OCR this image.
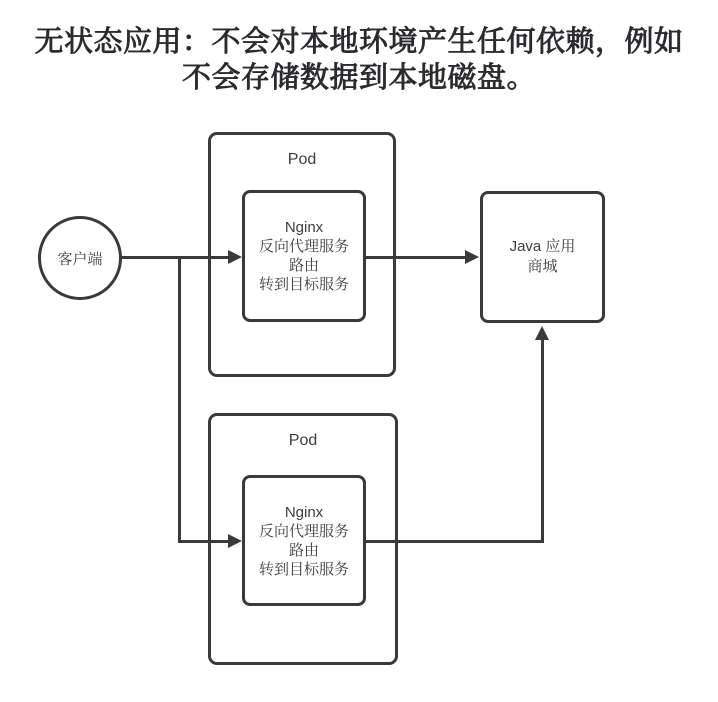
无状态应用：不会对本地环境产生任何依赖，例如
不会存储数据到本地磁盘。
客户端
Pod
Nginx
反向代理服务
路由
转到目标服务
Pod
Nginx
反向代理服务
路由
转到目标服务
Java 应用
商城
